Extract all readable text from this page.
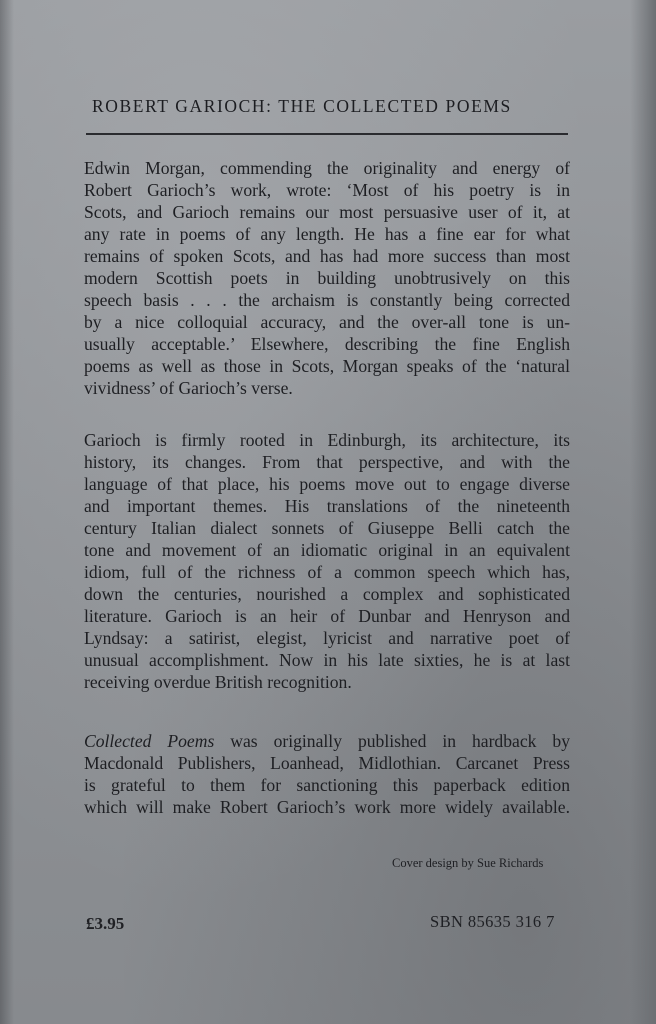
ROBERT GARIOCH: THE COLLECTED POEMS
Edwin Morgan, commending the originality and energy of
Robert Garioch’s work, wrote: ‘Most of his poetry is in
Scots, and Garioch remains our most persuasive user of it, at
any rate in poems of any length. He has a fine ear for what
remains of spoken Scots, and has had more success than most
modern Scottish poets in building unobtrusively on this
speech basis . . . the archaism is constantly being corrected
by a nice colloquial accuracy, and the over-all tone is un-
usually acceptable.’ Elsewhere, describing the fine English
poems as well as those in Scots, Morgan speaks of the ‘natural
vividness’ of Garioch’s verse.
Garioch is firmly rooted in Edinburgh, its architecture, its
history, its changes. From that perspective, and with the
language of that place, his poems move out to engage diverse
and important themes. His translations of the nineteenth
century Italian dialect sonnets of Giuseppe Belli catch the
tone and movement of an idiomatic original in an equivalent
idiom, full of the richness of a common speech which has,
down the centuries, nourished a complex and sophisticated
literature. Garioch is an heir of Dunbar and Henryson and
Lyndsay: a satirist, elegist, lyricist and narrative poet of
unusual accomplishment. Now in his late sixties, he is at last
receiving overdue British recognition.
Collected Poems was originally published in hardback by
Macdonald Publishers, Loanhead, Midlothian. Carcanet Press
is grateful to them for sanctioning this paperback edition
which will make Robert Garioch’s work more widely available.
Cover design by Sue Richards
£3.95	SBN 85635 316 7
